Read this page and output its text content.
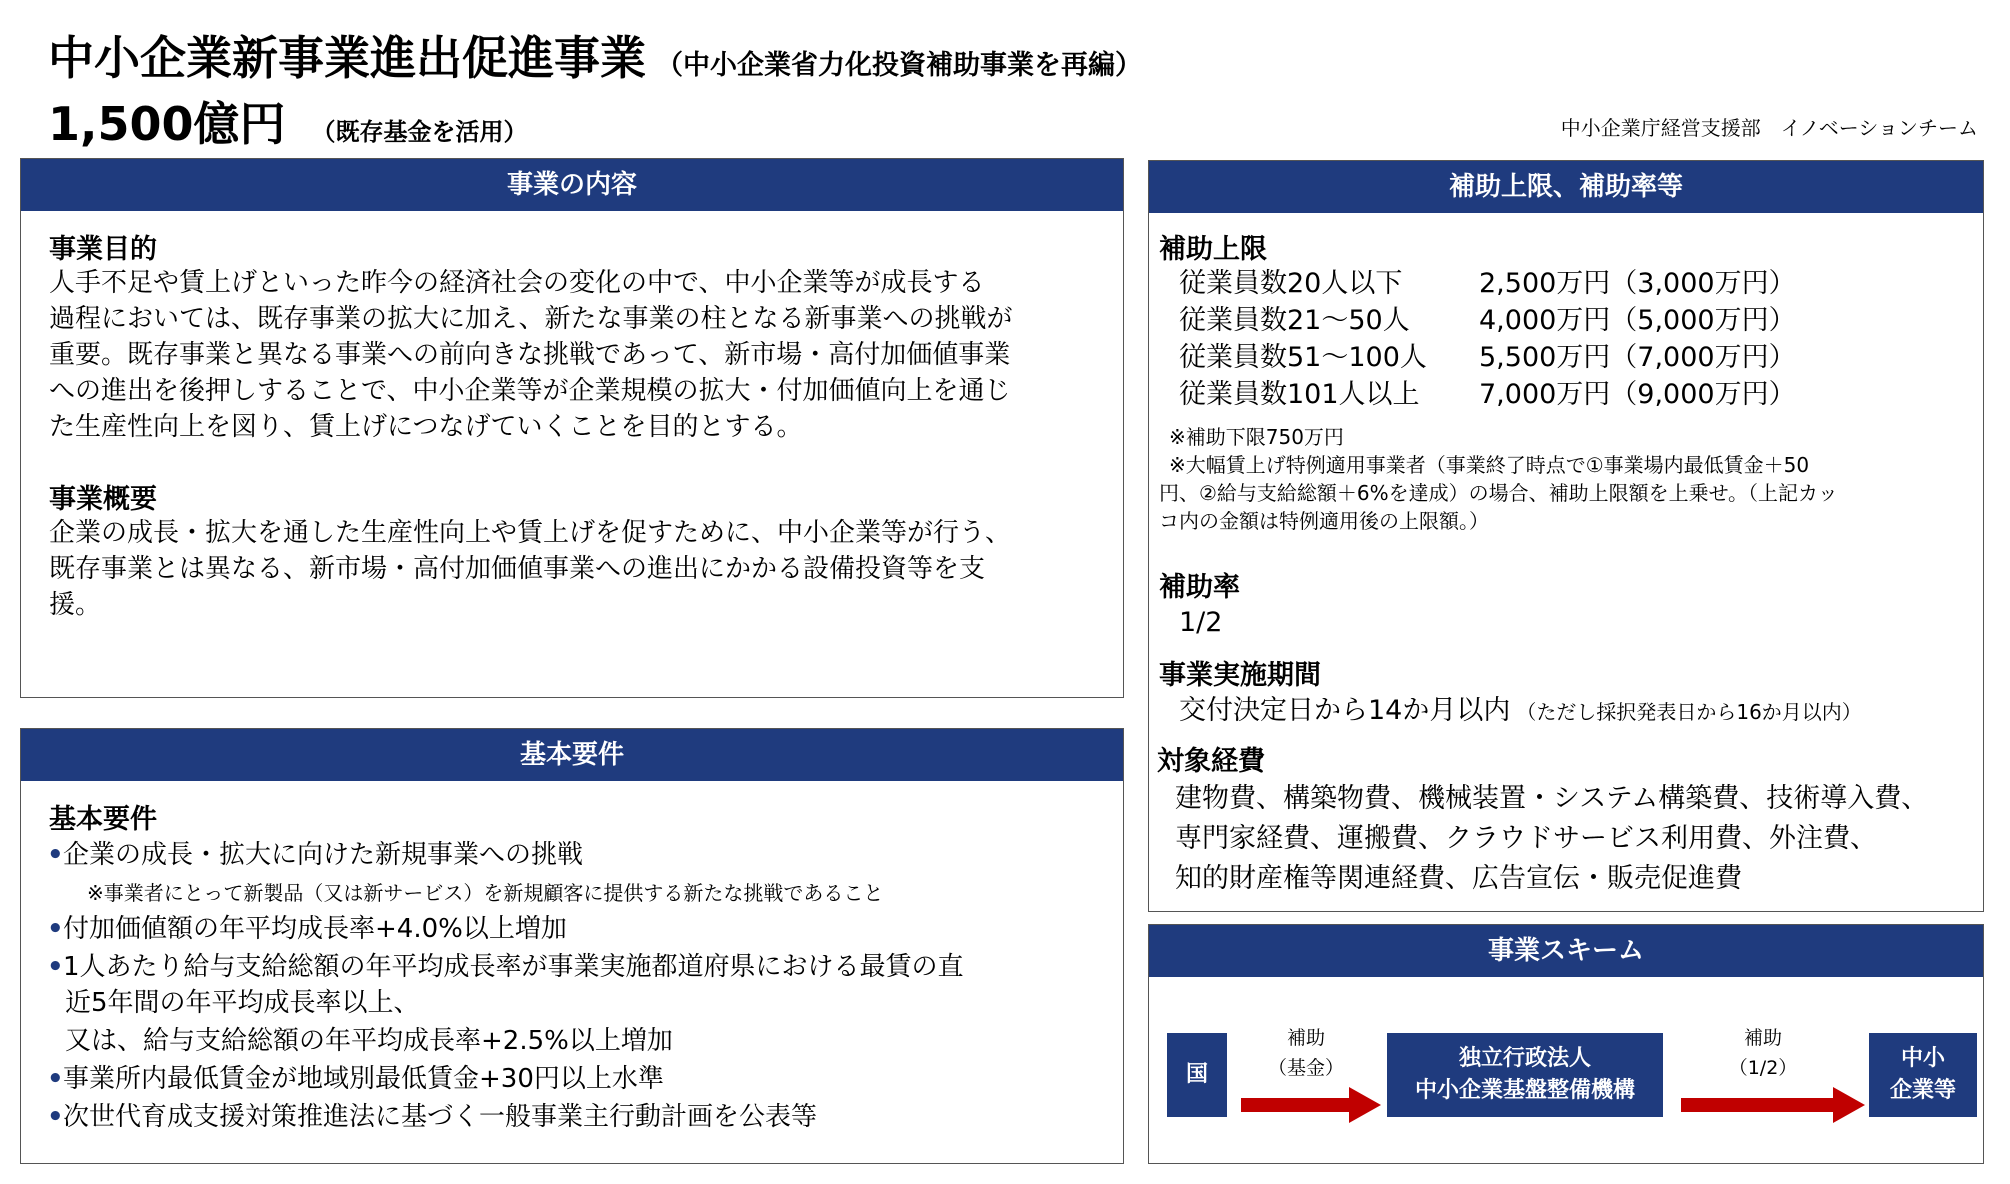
中小企業新事業進出促進事業 （中小企業省力化投資補助事業を再編）
1,500億円 （既存基金を活用）	中小企業庁経営支援部　イノベーションチーム
事業の内容
事業目的
人手不足や賃上げといった昨今の経済社会の変化の中で、中小企業等が成長する
過程においては、既存事業の拡大に加え、新たな事業の柱となる新事業への挑戦が
重要。既存事業と異なる事業への前向きな挑戦であって、新市場・高付加価値事業
への進出を後押しすることで、中小企業等が企業規模の拡大・付加価値向上を通じ
た生産性向上を図り、賃上げにつなげていくことを目的とする。
事業概要
企業の成長・拡大を通した生産性向上や賃上げを促すために、中小企業等が行う、
既存事業とは異なる、新市場・高付加価値事業への進出にかかる設備投資等を支
援。
基本要件
基本要件
•企業の成長・拡大に向けた新規事業への挑戦
※事業者にとって新製品（又は新サービス）を新規顧客に提供する新たな挑戦であること
•付加価値額の年平均成長率+4.0%以上増加
•1人あたり給与支給総額の年平均成長率が事業実施都道府県における最賃の直
近5年間の年平均成長率以上、
又は、給与支給総額の年平均成長率+2.5%以上増加
•事業所内最低賃金が地域別最低賃金+30円以上水準
•次世代育成支援対策推進法に基づく一般事業主行動計画を公表等
補助上限、補助率等
補助上限
従業員数20人以下	2,500万円（3,000万円）
従業員数21～50人	4,000万円（5,000万円）
従業員数51～100人 5,500万円（7,000万円）
従業員数101人以上 7,000万円（9,000万円）
※補助下限750万円
※大幅賃上げ特例適用事業者（事業終了時点で①事業場内最低賃金＋50
円、②給与支給総額＋6%を達成）の場合、補助上限額を上乗せ。（上記カッ
コ内の金額は特例適用後の上限額。）
補助率
1/2
事業実施期間
交付決定日から14か月以内 （ただし採択発表日から16か月以内）
対象経費
建物費、構築物費、機械装置・システム構築費、技術導入費、
専門家経費、運搬費、クラウドサービス利用費、外注費、
知的財産権等関連経費、広告宣伝・販売促進費
事業スキーム
国
補助
（基金）	独立行政法人
中小企業基盤整備機構
補助
（1/2）	中小
企業等
